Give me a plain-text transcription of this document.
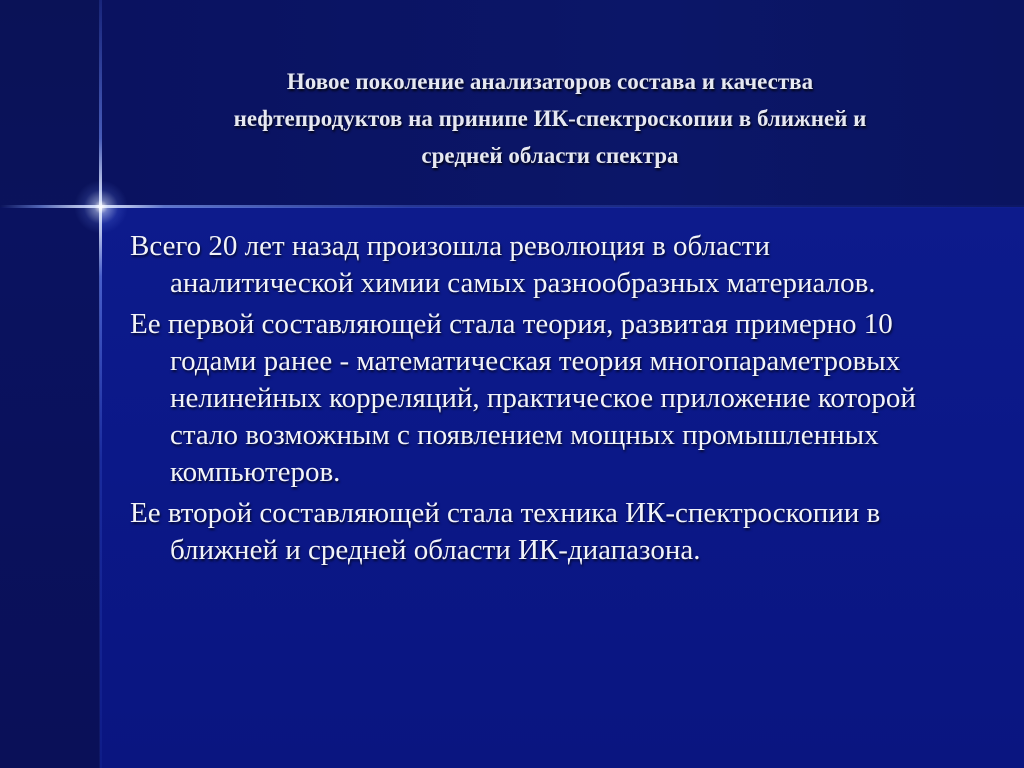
Новое поколение анализаторов состава и качества
нефтепродуктов на принипе ИК-спектроскопии в ближней и
средней области спектра

Всего 20 лет назад произошла революция в области аналитической химии самых разнообразных материалов.

Ее первой составляющей стала теория, развитая примерно 10 годами ранее - математическая теория многопараметровых нелинейных корреляций, практическое приложение которой стало возможным с появлением мощных промышленных компьютеров.

Ее второй составляющей стала техника ИК-спектроскопии в ближней и средней области ИК-диапазона.
